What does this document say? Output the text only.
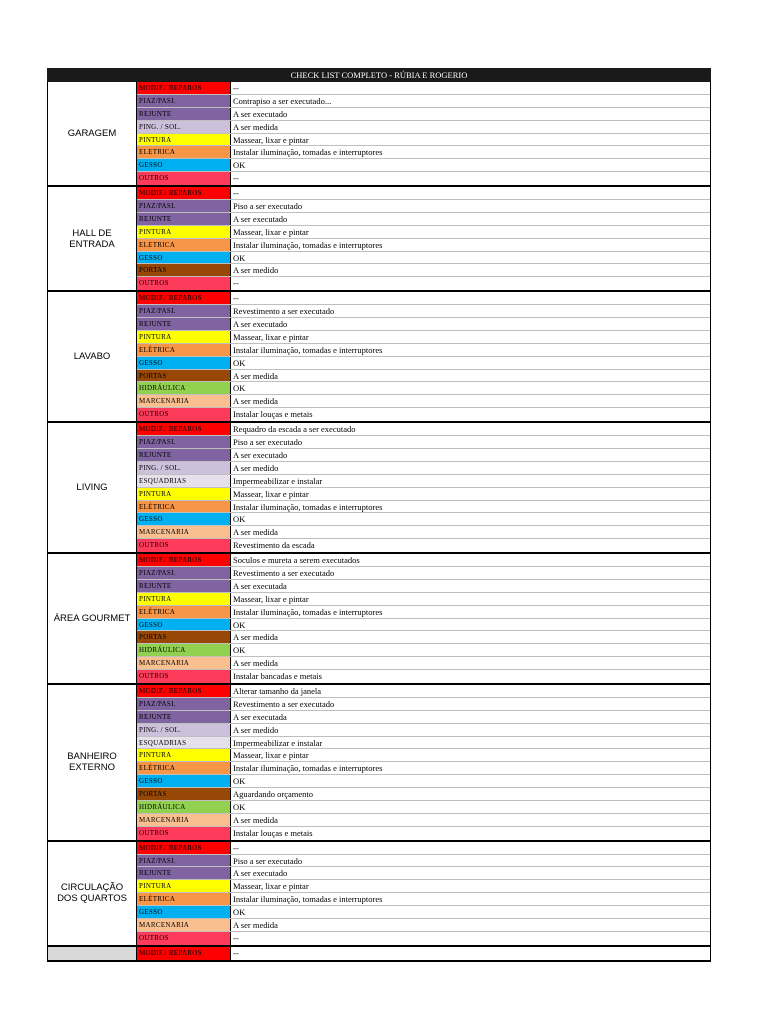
CHECK LIST COMPLETO - RÚBIA E ROGERIO
GARAGEM
MODIF./ REPAROS	--
PIAZ/PASI.	Contrapiso a ser executado...
REJUNTE	A ser executado
PING. / SOL.	A ser medida
PINTURA	Massear, lixar e pintar
ELETRICA	Instalar iluminação, tomadas e interruptores
GESSO	OK
OUTROS	--
HALL DE ENTRADA
MODIF./ REPAROS	--
PIAZ/PASI.	Piso a ser executado
REJUNTE	A ser executado
PINTURA	Massear, lixar e pintar
ELETRICA	Instalar iluminação, tomadas e interruptores
GESSO	OK
PORTAS	A ser medido
OUTROS	--
LAVABO
MODIF./ REPAROS	--
PIAZ/PASI.	Revestimento a ser executado
REJUNTE	A ser executado
PINTURA	Massear, lixar e pintar
ELÉTRICA	Instalar iluminação, tomadas e interruptores
GESSO	OK
PORTAS	A ser medida
HIDRÁULICA	OK
MARCENARIA	A ser medida
OUTROS	Instalar louças e metais
LIVING
MODIF./ REPAROS	Requadro da escada a ser executado
PIAZ/PASI.	Piso a ser executado
REJUNTE	A ser executado
PING. / SOL.	A ser medido
ESQUADRIAS	Impermeabilizar e instalar
PINTURA	Massear, lixar e pintar
ELÉTRICA	Instalar iluminação, tomadas e interruptores
GESSO	OK
MARCENARIA	A ser medida
OUTROS	Revestimento da escada
ÁREA GOURMET
MODIF./ REPAROS	Soculos e mureta a serem executados
PIAZ/PASI.	Revestimento a ser executado
REJUNTE	A ser executada
PINTURA	Massear, lixar e pintar
ELÉTRICA	Instalar iluminação, tomadas e interruptores
GESSO	OK
PORTAS	A ser medida
HIDRÁULICA	OK
MARCENARIA	A ser medida
OUTROS	Instalar bancadas e metais
BANHEIRO EXTERNO
MODIF./ REPAROS	Alterar tamanho da janela
PIAZ/PASI.	Revestimento a ser executado
REJUNTE	A ser executada
PING. / SOL.	A ser medido
ESQUADRIAS	Impermeabilizar e instalar
PINTURA	Massear, lixar e pintar
ELÉTRICA	Instalar iluminação, tomadas e interruptores
GESSO	OK
PORTAS	Aguardando orçamento
HIDRÁULICA	OK
MARCENARIA	A ser medida
OUTROS	Instalar louças e metais
CIRCULAÇÃO DOS QUARTOS
MODIF./ REPAROS	--
PIAZ/PASI.	Piso a ser executado
REJUNTE	A ser executado
PINTURA	Massear, lixar e pintar
ELÉTRICA	Instalar iluminação, tomadas e interruptores
GESSO	OK
MARCENARIA	A ser medida
OUTROS	--
MODIF./ REPAROS	--
